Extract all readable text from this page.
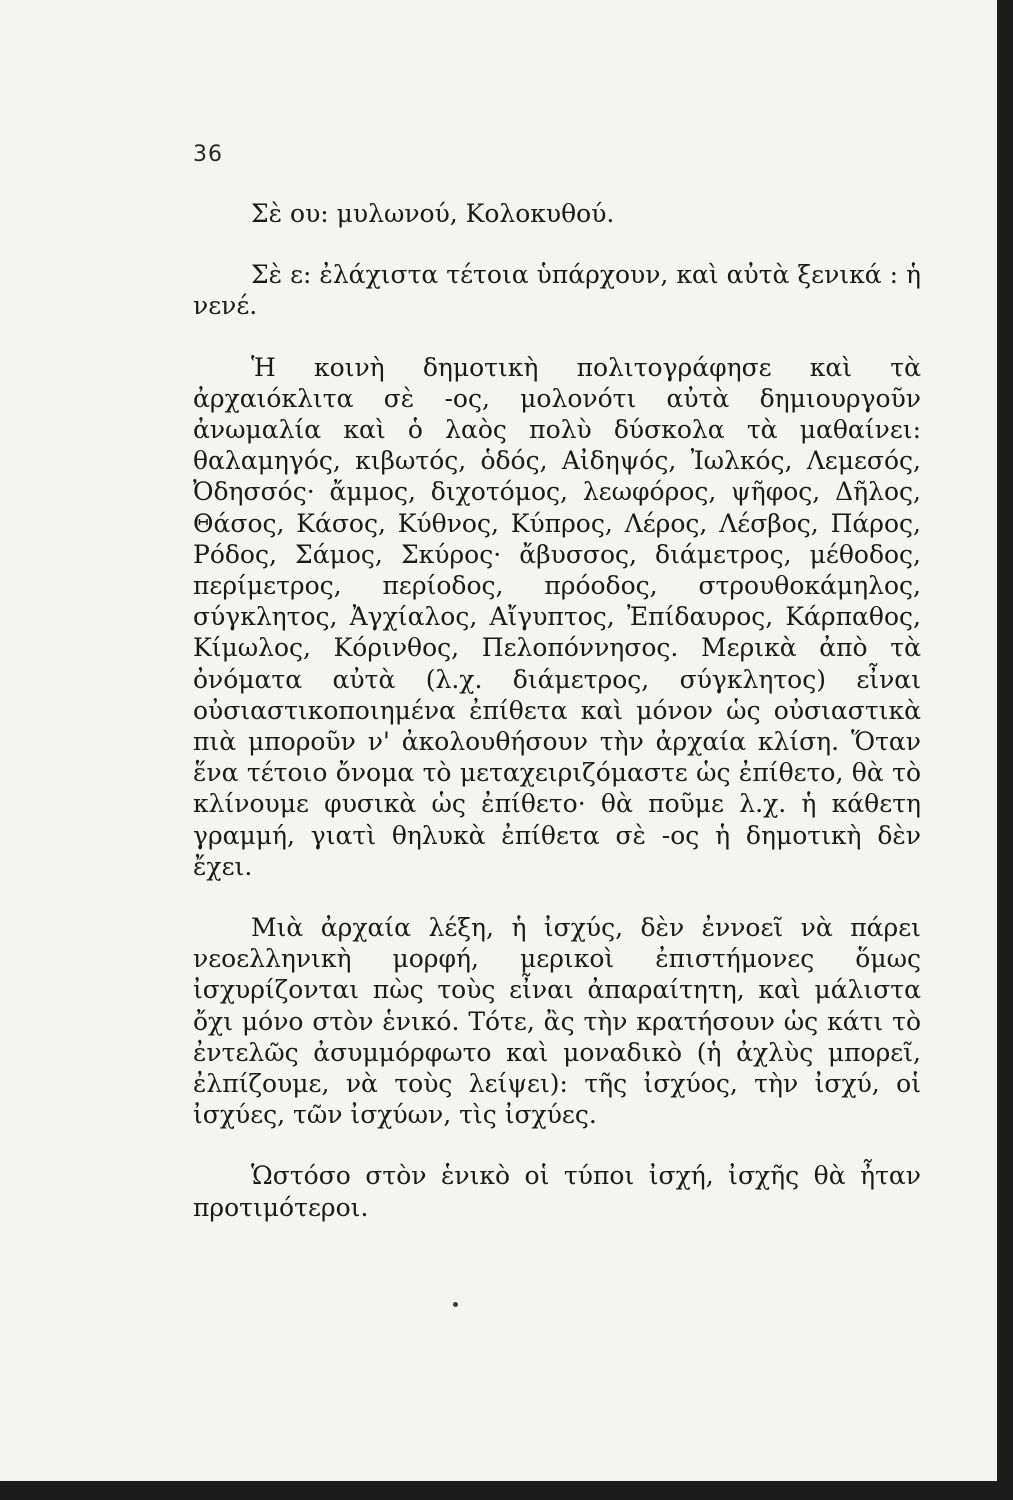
36

Σὲ ου: μυλωνού, Κολοκυθού.

Σὲ ε: ἐλάχιστα τέτοια ὑπάρχουν, καὶ αὐτὰ ξενικά : ἡ νενέ.

Ἡ κοινὴ δημοτικὴ πολιτογράφησε καὶ τὰ ἀρχαιόκλιτα σὲ -ος, μολονότι αὐτὰ δημιουργοῦν ἀνωμαλία καὶ ὁ λαὸς πολὺ δύσκολα τὰ μαθαίνει: θαλαμηγός, κιβωτός, ὁδός, Αἰδηψός, Ἰωλκός, Λεμεσός, Ὀδησσός· ἄμμος, διχοτόμος, λεωφόρος, ψῆφος, Δῆλος, Θάσος, Κάσος, Κύθνος, Κύπρος, Λέρος, Λέσβος, Πάρος, Ρόδος, Σάμος, Σκύρος· ἄβυσσος, διάμετρος, μέθοδος, περίμετρος, περίοδος, πρόοδος, στρουθοκάμηλος, σύγκλητος, Ἀγχίαλος, Αἴγυπτος, Ἐπίδαυρος, Κάρπαθος, Κίμωλος, Κόρινθος, Πελοπόννησος. Μερικὰ ἀπὸ τὰ ὀνόματα αὐτὰ (λ.χ. διάμετρος, σύγκλητος) εἶναι οὐσιαστικοποιημένα ἐπίθετα καὶ μόνον ὡς οὐσιαστικὰ πιὰ μποροῦν ν' ἀκολουθήσουν τὴν ἀρχαία κλίση. Ὅταν ἕνα τέτοιο ὄνομα τὸ μεταχειριζόμαστε ὡς ἐπίθετο, θὰ τὸ κλίνουμε φυσικὰ ὡς ἐπίθετο· θὰ ποῦμε λ.χ. ἡ κάθετη γραμμή, γιατὶ θηλυκὰ ἐπίθετα σὲ -ος ἡ δημοτικὴ δὲν ἔχει.

Μιὰ ἀρχαία λέξη, ἡ ἰσχύς, δὲν ἐννοεῖ νὰ πάρει νεοελληνικὴ μορφή, μερικοὶ ἐπιστήμονες ὅμως ἰσχυρίζονται πὼς τοὺς εἶναι ἀπαραίτητη, καὶ μάλιστα ὄχι μόνο στὸν ἑνικό. Τότε, ἂς τὴν κρατήσουν ὡς κάτι τὸ ἐντελῶς ἀσυμμόρφωτο καὶ μοναδικὸ (ἡ ἀχλὺς μπορεῖ, ἐλπίζουμε, νὰ τοὺς λείψει): τῆς ἰσχύος, τὴν ἰσχύ, οἱ ἰσχύες, τῶν ἰσχύων, τὶς ἰσχύες.

Ὡστόσο στὸν ἑνικὸ οἱ τύποι ἰσχή, ἰσχῆς θὰ ἦταν προτιμότεροι.
